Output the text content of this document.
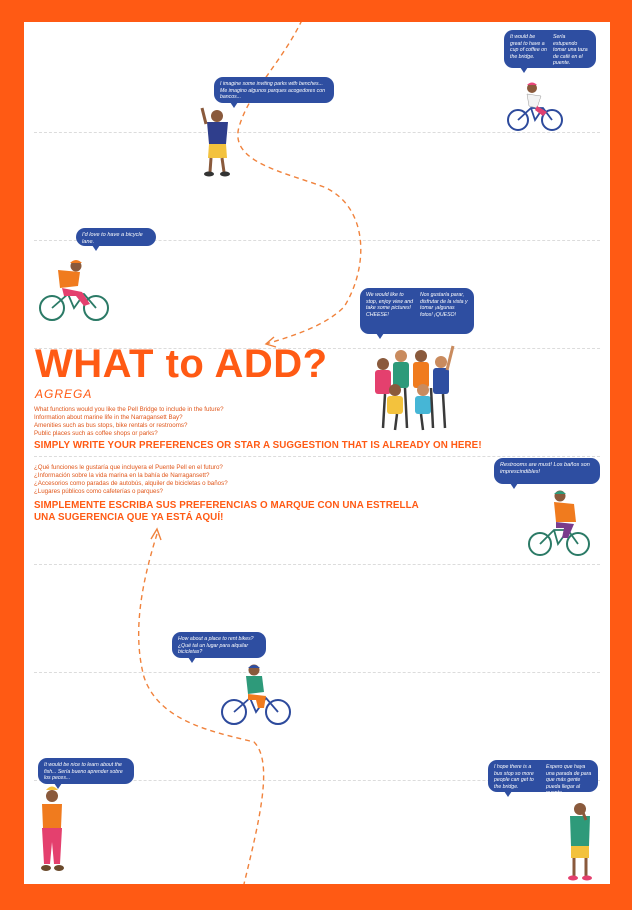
It would be great to have a cup of coffee on the bridge.
Sería estupendo tomar una taza de café en el puente.
I imagine some inviting parks with benches... Me imagino algunos parques acogedores con bancos...
I'd love to have a bicycle lane.
We would like to stop, enjoy view and take some pictures! CHEESE!
Nos gustaría parar, disfrutar de la vista y tomar ¡algunas fotos! ¡QUESO!
WHAT to ADD?
AGREGA
What functions would you like the Pell Bridge to include in the future?
Information about marine life in the Narragansett Bay?
Amenities such as bus stops, bike rentals or restrooms?
Public places such as coffee shops or parks?
SIMPLY WRITE YOUR PREFERENCES OR STAR A SUGGESTION THAT IS ALREADY ON HERE!
¿Qué funciones le gustaría que incluyera el Puente Pell en el futuro?
¿Información sobre la vida marina en la bahía de Narragansett?
¿Accesorios como paradas de autobús, alquiler de bicicletas o baños?
¿Lugares públicos como cafeterías o parques?
SIMPLEMENTE ESCRIBA SUS PREFERENCIAS O MARQUE CON UNA ESTRELLA
UNA SUGERENCIA QUE YA ESTÁ AQUÍ!
Restrooms are must! Los baños son imprescindibles!
How about a place to rent bikes? ¿Qué tal un lugar para alquilar bicicletas?
It would be nice to learn about the fish... Sería bueno aprender sobre los peces...
I hope there is a bus stop so more people can get to the bridge.
Espero que haya una parada de para que más gente pueda llegar al puente.
